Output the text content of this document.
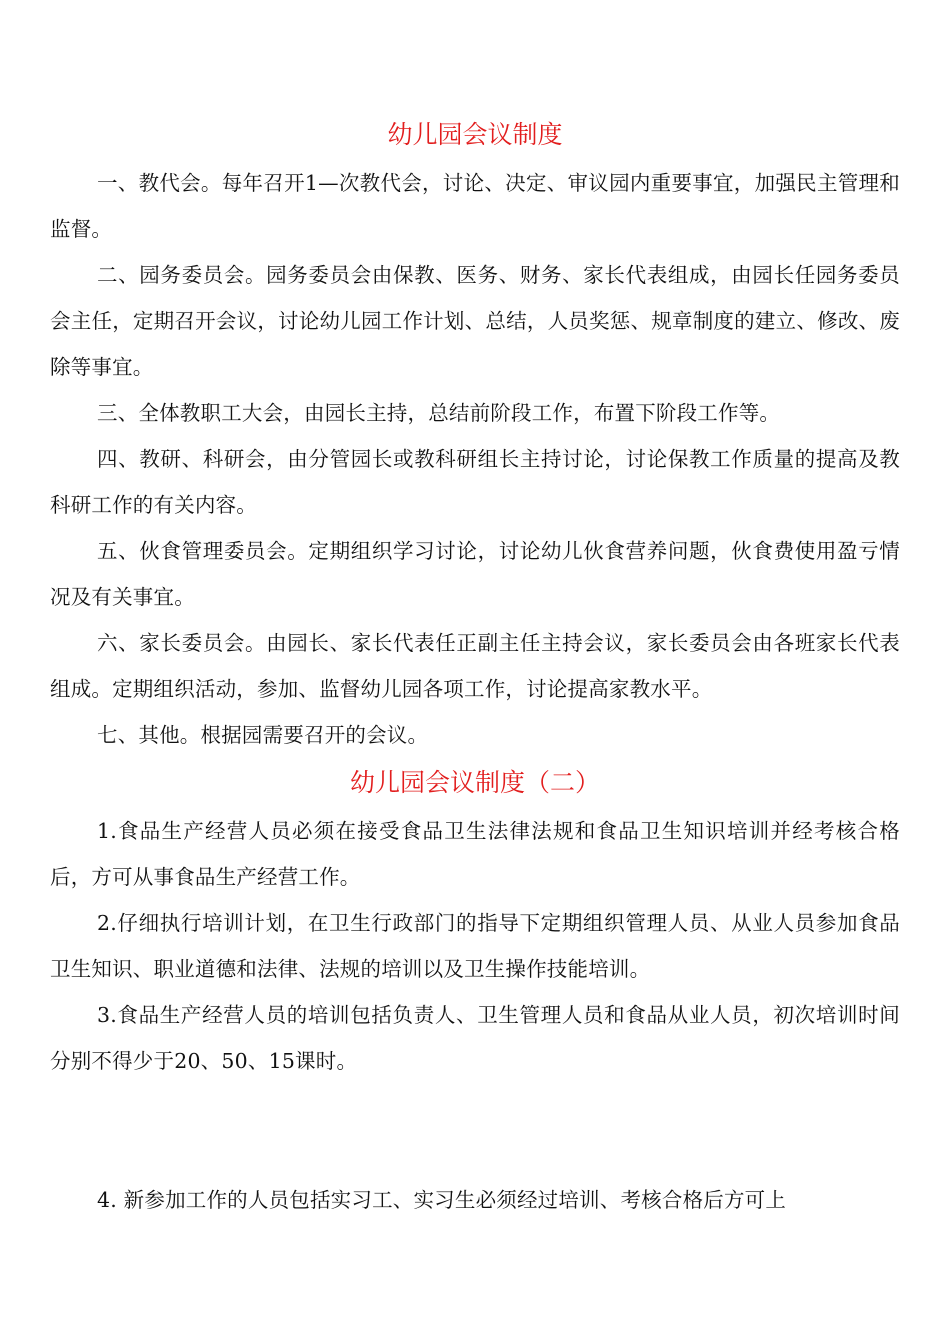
幼儿园会议制度

一、教代会。每年召开1—次教代会，讨论、决定、审议园内重要事宜，加强民主管理和监督。

二、园务委员会。园务委员会由保教、医务、财务、家长代表组成，由园长任园务委员会主任，定期召开会议，讨论幼儿园工作计划、总结，人员奖惩、规章制度的建立、修改、废除等事宜。

三、全体教职工大会，由园长主持，总结前阶段工作，布置下阶段工作等。

四、教研、科研会，由分管园长或教科研组长主持讨论，讨论保教工作质量的提高及教科研工作的有关内容。

五、伙食管理委员会。定期组织学习讨论，讨论幼儿伙食营养问题，伙食费使用盈亏情况及有关事宜。

六、家长委员会。由园长、家长代表任正副主任主持会议，家长委员会由各班家长代表组成。定期组织活动，参加、监督幼儿园各项工作，讨论提高家教水平。

七、其他。根据园需要召开的会议。

幼儿园会议制度（二）

1.食品生产经营人员必须在接受食品卫生法律法规和食品卫生知识培训并经考核合格后，方可从事食品生产经营工作。

2.仔细执行培训计划，在卫生行政部门的指导下定期组织管理人员、从业人员参加食品卫生知识、职业道德和法律、法规的培训以及卫生操作技能培训。

3.食品生产经营人员的培训包括负责人、卫生管理人员和食品从业人员，初次培训时间分别不得少于20、50、15课时。

4. 新参加工作的人员包括实习工、实习生必须经过培训、考核合格后方可上
